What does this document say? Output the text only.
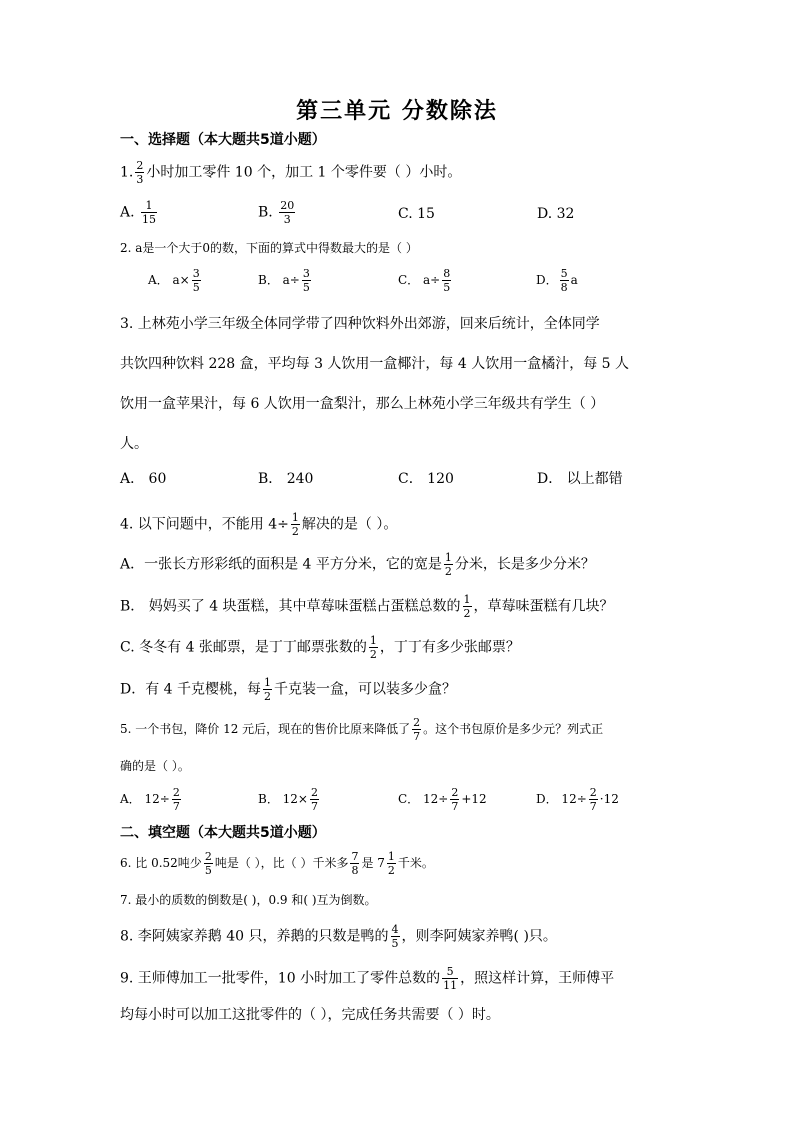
第三单元 分数除法
一、选择题（本大题共5道小题）
1. $\frac{2}{3}$ 小时加工零件 10 个，加工 1 个零件要（ ）小时。
A. $\frac{1}{15}$	B. $\frac{20}{3}$	C. 15	D. 32
2. a是一个大于0的数，下面的算式中得数最大的是（ ）
A． $a\times \frac{3}{5}$	B． $a\div \frac{3}{5}$	C． $a\div \frac{8}{5}$	D． $\frac{5}{8}$ a
3. 上林苑小学三年级全体同学带了四种饮料外出郊游，回来后统计，全体同学
共饮四种饮料 228 盒，平均每 3 人饮用一盒椰汁，每 4 人饮用一盒橘汁，每 5 人
饮用一盒苹果汁，每 6 人饮用一盒梨汁，那么上林苑小学三年级共有学生（ ）
人。
A． 60	B． 240	C． 120	D． 以上都错
4. 以下问题中，不能用 $4\div \frac{1}{2}$ 解决的是（ ）。
A．一张长方形彩纸的面积是 4 平方分米，它的宽是 $\frac{1}{2}$ 分米，长是多少分米？
B． 妈妈买了 4 块蛋糕，其中草莓味蛋糕占蛋糕总数的 $\frac{1}{2}$ ，草莓味蛋糕有几块？
C. 冬冬有 4 张邮票，是丁丁邮票张数的 $\frac{1}{2}$ ，丁丁有多少张邮票？
D．有 4 千克樱桃，每 $\frac{1}{2}$ 千克装一盒，可以装多少盒？
5. 一个书包，降价 12 元后，现在的售价比原来降低了 $\frac{2}{7}$ 。这个书包原价是多少元？列式正
确的是（ ）。
A． $12\div \frac{2}{7}$	B． $12\times \frac{2}{7}$	C． $12\div \frac{2}{7} +12$	D． $12\div \frac{2}{7} \cdot 12$
二、填空题（本大题共5道小题）
6. 比 0.52吨少 $\frac{2}{5}$ 吨是（ ），比（ ）千米多 $\frac{7}{8}$ 是 $7 \frac{1}{2}$ 千米。
7. 最小的质数的倒数是( )，0.9 和( )互为倒数。
8. 李阿姨家养鹅 40 只，养鹅的只数是鸭的 $\frac{4}{5}$ ，则李阿姨家养鸭( )只。
9. 王师傅加工一批零件，10 小时加工了零件总数的 $\frac{5}{11}$ ，照这样计算，王师傅平
均每小时可以加工这批零件的（ ），完成任务共需要（ ）时。
